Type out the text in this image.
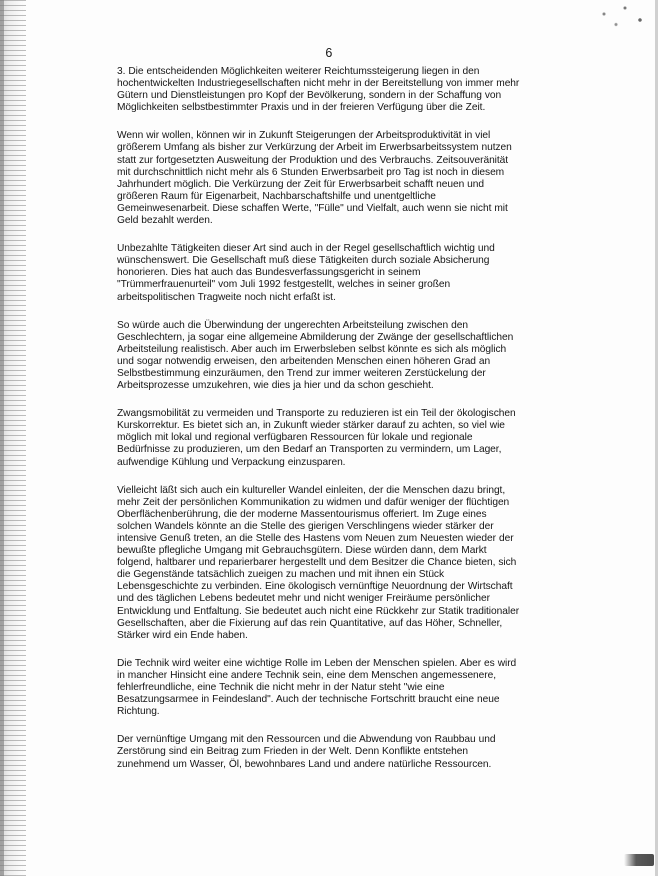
6

3. Die entscheidenden Möglichkeiten weiterer Reichtumssteigerung liegen in den hochentwickelten Industriegesellschaften nicht mehr in der Bereitstellung von immer mehr Gütern und Dienstleistungen pro Kopf der Bevölkerung, sondern in der Schaffung von Möglichkeiten selbstbestimmter Praxis und in der freieren Verfügung über die Zeit.

Wenn wir wollen, können wir in Zukunft Steigerungen der Arbeitsproduktivität in viel größerem Umfang als bisher zur Verkürzung der Arbeit im Erwerbsarbeitssystem nutzen statt zur fortgesetzten Ausweitung der Produktion und des Verbrauchs. Zeitsouveränität mit durchschnittlich nicht mehr als 6 Stunden Erwerbsarbeit pro Tag ist noch in diesem Jahrhundert möglich. Die Verkürzung der Zeit für Erwerbsarbeit schafft neuen und größeren Raum für Eigenarbeit, Nachbarschaftshilfe und unentgeltliche Gemeinwesenarbeit. Diese schaffen Werte, "Fülle" und Vielfalt, auch wenn sie nicht mit Geld bezahlt werden.

Unbezahlte Tätigkeiten dieser Art sind auch in der Regel gesellschaftlich wichtig und wünschenswert. Die Gesellschaft muß diese Tätigkeiten durch soziale Absicherung honorieren. Dies hat auch das Bundesverfassungsgericht in seinem "Trümmerfrauenurteil" vom Juli 1992 festgestellt, welches in seiner großen arbeitspolitischen Tragweite noch nicht erfaßt ist.

So würde auch die Überwindung der ungerechten Arbeitsteilung zwischen den Geschlechtern, ja sogar eine allgemeine Abmilderung der Zwänge der gesellschaftlichen Arbeitsteilung realistisch. Aber auch im Erwerbsleben selbst könnte es sich als möglich und sogar notwendig erweisen, den arbeitenden Menschen einen höheren Grad an Selbstbestimmung einzuräumen, den Trend zur immer weiteren Zerstückelung der Arbeitsprozesse umzukehren, wie dies ja hier und da schon geschieht.

Zwangsmobilität zu vermeiden und Transporte zu reduzieren ist ein Teil der ökologischen Kurskorrektur. Es bietet sich an, in Zukunft wieder stärker darauf zu achten, so viel wie möglich mit lokal und regional verfügbaren Ressourcen für lokale und regionale Bedürfnisse zu produzieren, um den Bedarf an Transporten zu vermindern, um Lager, aufwendige Kühlung und Verpackung einzusparen.

Vielleicht läßt sich auch ein kultureller Wandel einleiten, der die Menschen dazu bringt, mehr Zeit der persönlichen Kommunikation zu widmen und dafür weniger der flüchtigen Oberflächenberührung, die der moderne Massentourismus offeriert. Im Zuge eines solchen Wandels könnte an die Stelle des gierigen Verschlingens wieder stärker der intensive Genuß treten, an die Stelle des Hastens vom Neuen zum Neuesten wieder der bewußte pflegliche Umgang mit Gebrauchsgütern. Diese würden dann, dem Markt folgend, haltbarer und reparierbarer hergestellt und dem Besitzer die Chance bieten, sich die Gegenstände tatsächlich zueigen zu machen und mit ihnen ein Stück Lebensgeschichte zu verbinden. Eine ökologisch vernünftige Neuordnung der Wirtschaft und des täglichen Lebens bedeutet mehr und nicht weniger Freiräume persönlicher Entwicklung und Entfaltung. Sie bedeutet auch nicht eine Rückkehr zur Statik traditionaler Gesellschaften, aber die Fixierung auf das rein Quantitative, auf das Höher, Schneller, Stärker wird ein Ende haben.

Die Technik wird weiter eine wichtige Rolle im Leben der Menschen spielen. Aber es wird in mancher Hinsicht eine andere Technik sein, eine dem Menschen angemessenere, fehlerfreundliche, eine Technik die nicht mehr in der Natur steht "wie eine Besatzungsarmee in Feindesland". Auch der technische Fortschritt braucht eine neue Richtung.

Der vernünftige Umgang mit den Ressourcen und die Abwendung von Raubbau und Zerstörung sind ein Beitrag zum Frieden in der Welt. Denn Konflikte entstehen zunehmend um Wasser, Öl, bewohnbares Land und andere natürliche Ressourcen.
